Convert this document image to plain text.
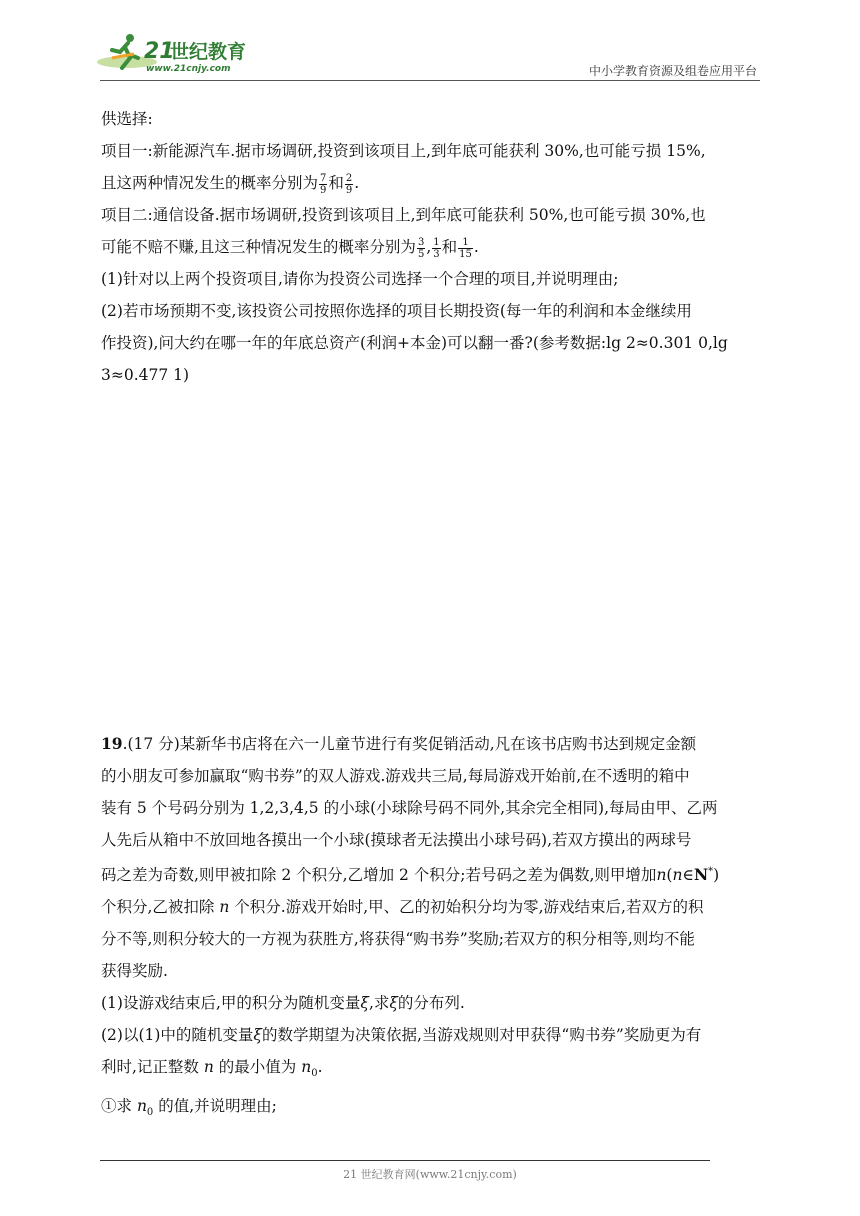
21
世纪教育
www.21cnjy.com	中小学教育资源及组卷应用平台

供选择:

项目一:新能源汽车.据市场调研,投资到该项目上,到年底可能获利 30%,也可能亏损 15%,

且这两种情况发生的概率分别为 $\frac{7}{9}$ 和 $\frac{2}{9}$ .

项目二:通信设备.据市场调研,投资到该项目上,到年底可能获利 50%,也可能亏损 30%,也

可能不赔不赚,且这三种情况发生的概率分别为 $\frac{3}{5}$ , $\frac{1}{3}$ 和 $\frac{1}{15}$ .

(1)针对以上两个投资项目,请你为投资公司选择一个合理的项目,并说明理由;

(2)若市场预期不变,该投资公司按照你选择的项目长期投资(每一年的利润和本金继续用

作投资),问大约在哪一年的年底总资产(利润+本金)可以翻一番?(参考数据:lg 2≈0.301 0,lg

3≈0.477 1)

19.(17 分)某新华书店将在六一儿童节进行有奖促销活动,凡在该书店购书达到规定金额

的小朋友可参加赢取“购书券”的双人游戏.游戏共三局,每局游戏开始前,在不透明的箱中

装有 5 个号码分别为 1,2,3,4,5 的小球(小球除号码不同外,其余完全相同),每局由甲、乙两

人先后从箱中不放回地各摸出一个小球(摸球者无法摸出小球号码),若双方摸出的两球号

码之差为奇数,则甲被扣除 2 个积分,乙增加 2 个积分;若号码之差为偶数,则甲增加n(n∈N*)

个积分,乙被扣除 n 个积分.游戏开始时,甲、乙的初始积分均为零,游戏结束后,若双方的积

分不等,则积分较大的一方视为获胜方,将获得“购书券”奖励;若双方的积分相等,则均不能

获得奖励.

(1)设游戏结束后,甲的积分为随机变量ξ,求ξ的分布列.

(2)以(1)中的随机变量ξ的数学期望为决策依据,当游戏规则对甲获得“购书券”奖励更为有

利时,记正整数 n 的最小值为 $n_0$.

①求 $n_0$ 的值,并说明理由;

21 世纪教育网(www.21cnjy.com)
